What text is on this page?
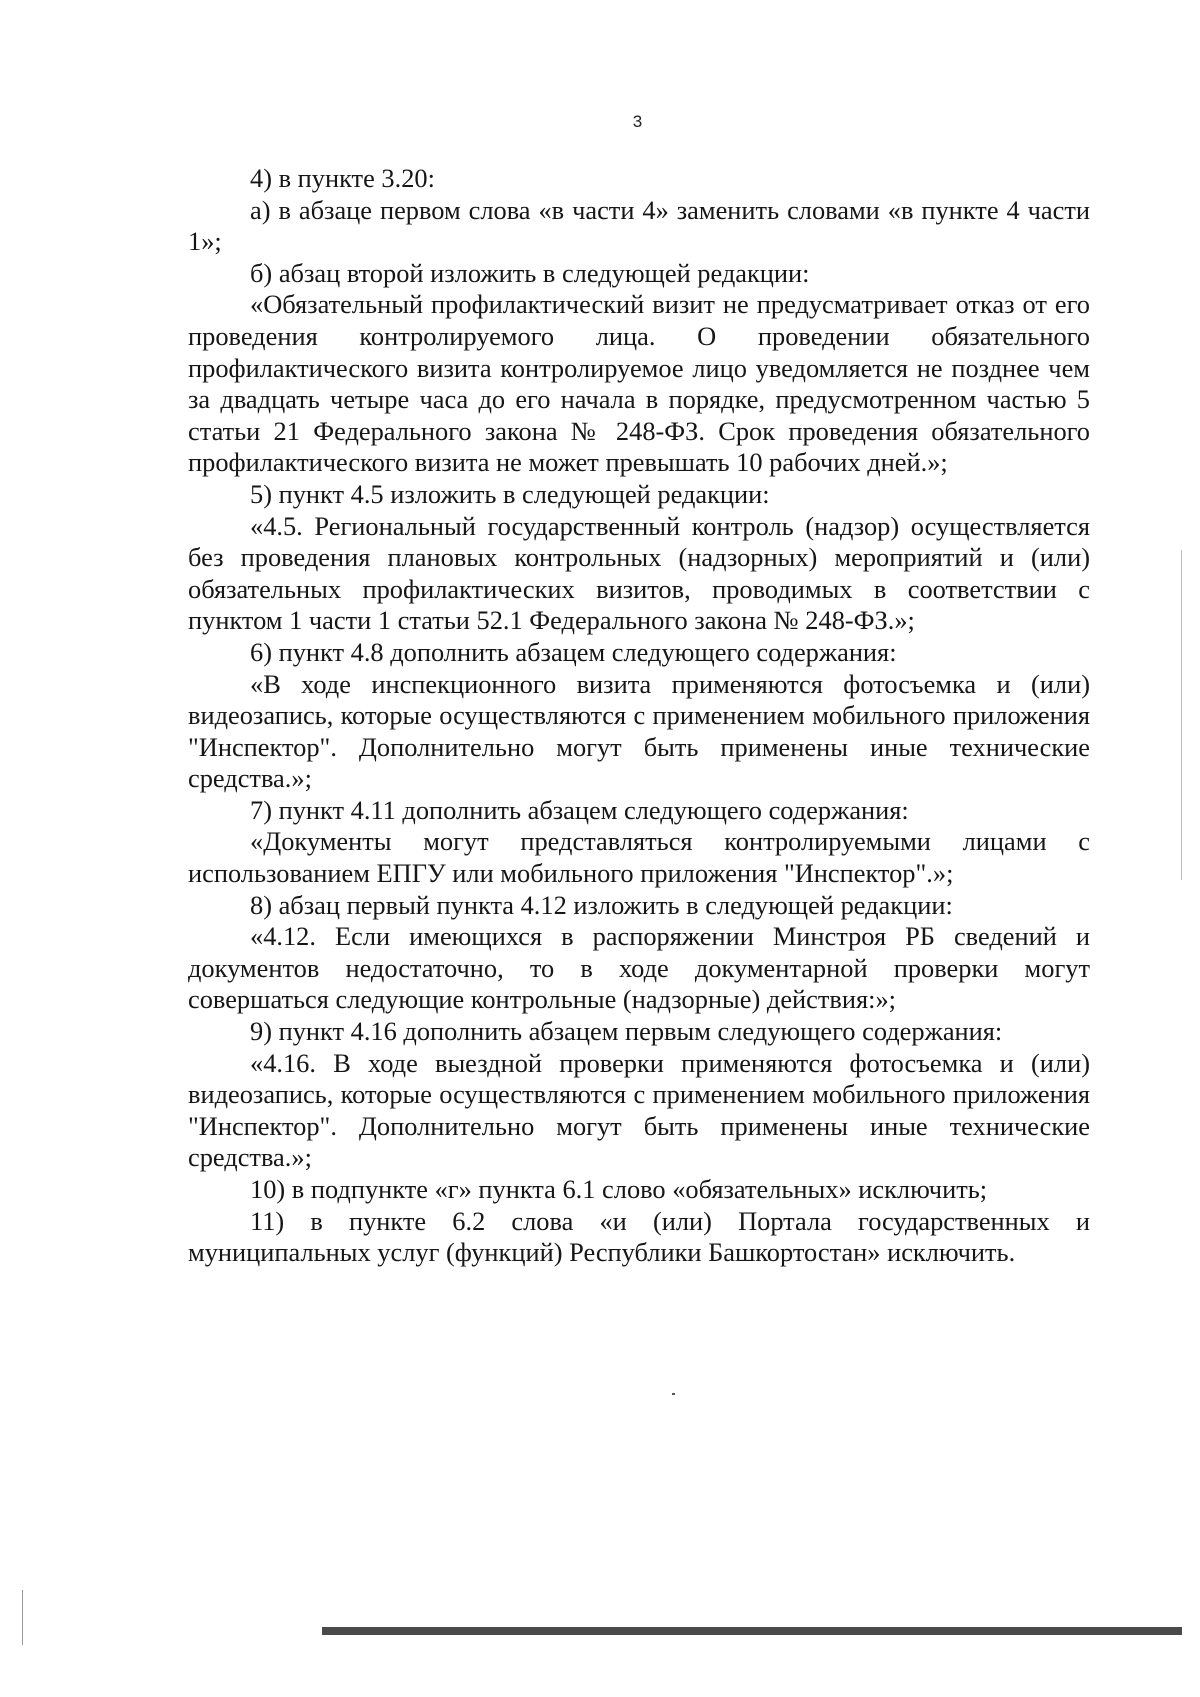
3

4) в пункте 3.20:

а) в абзаце первом слова «в части 4» заменить словами «в пункте 4 части 1»;

б) абзац второй изложить в следующей редакции:

«Обязательный профилактический визит не предусматривает отказ от его проведения контролируемого лица. О проведении обязательного профилактического визита контролируемое лицо уведомляется не позднее чем за двадцать четыре часа до его начала в порядке, предусмотренном частью 5 статьи 21 Федерального закона № 248-ФЗ. Срок проведения обязательного профилактического визита не может превышать 10 рабочих дней.»;

5) пункт 4.5 изложить в следующей редакции:

«4.5. Региональный государственный контроль (надзор) осуществляется без проведения плановых контрольных (надзорных) мероприятий и (или) обязательных профилактических визитов, проводимых в соответствии с пунктом 1 части 1 статьи 52.1 Федерального закона № 248-ФЗ.»;

6) пункт 4.8 дополнить абзацем следующего содержания:

«В ходе инспекционного визита применяются фотосъемка и (или) видеозапись, которые осуществляются с применением мобильного приложения "Инспектор". Дополнительно могут быть применены иные технические средства.»;

7) пункт 4.11 дополнить абзацем следующего содержания:

«Документы могут представляться контролируемыми лицами с использованием ЕПГУ или мобильного приложения "Инспектор".»;

8) абзац первый пункта 4.12 изложить в следующей редакции:

«4.12. Если имеющихся в распоряжении Минстроя РБ сведений и документов недостаточно, то в ходе документарной проверки могут совершаться следующие контрольные (надзорные) действия:»;

9) пункт 4.16 дополнить абзацем первым следующего содержания:

«4.16. В ходе выездной проверки применяются фотосъемка и (или) видеозапись, которые осуществляются с применением мобильного приложения "Инспектор". Дополнительно могут быть применены иные технические средства.»;

10) в подпункте «г» пункта 6.1 слово «обязательных» исключить;

11) в пункте 6.2 слова «и (или) Портала государственных и муниципальных услуг (функций) Республики Башкортостан» исключить.
